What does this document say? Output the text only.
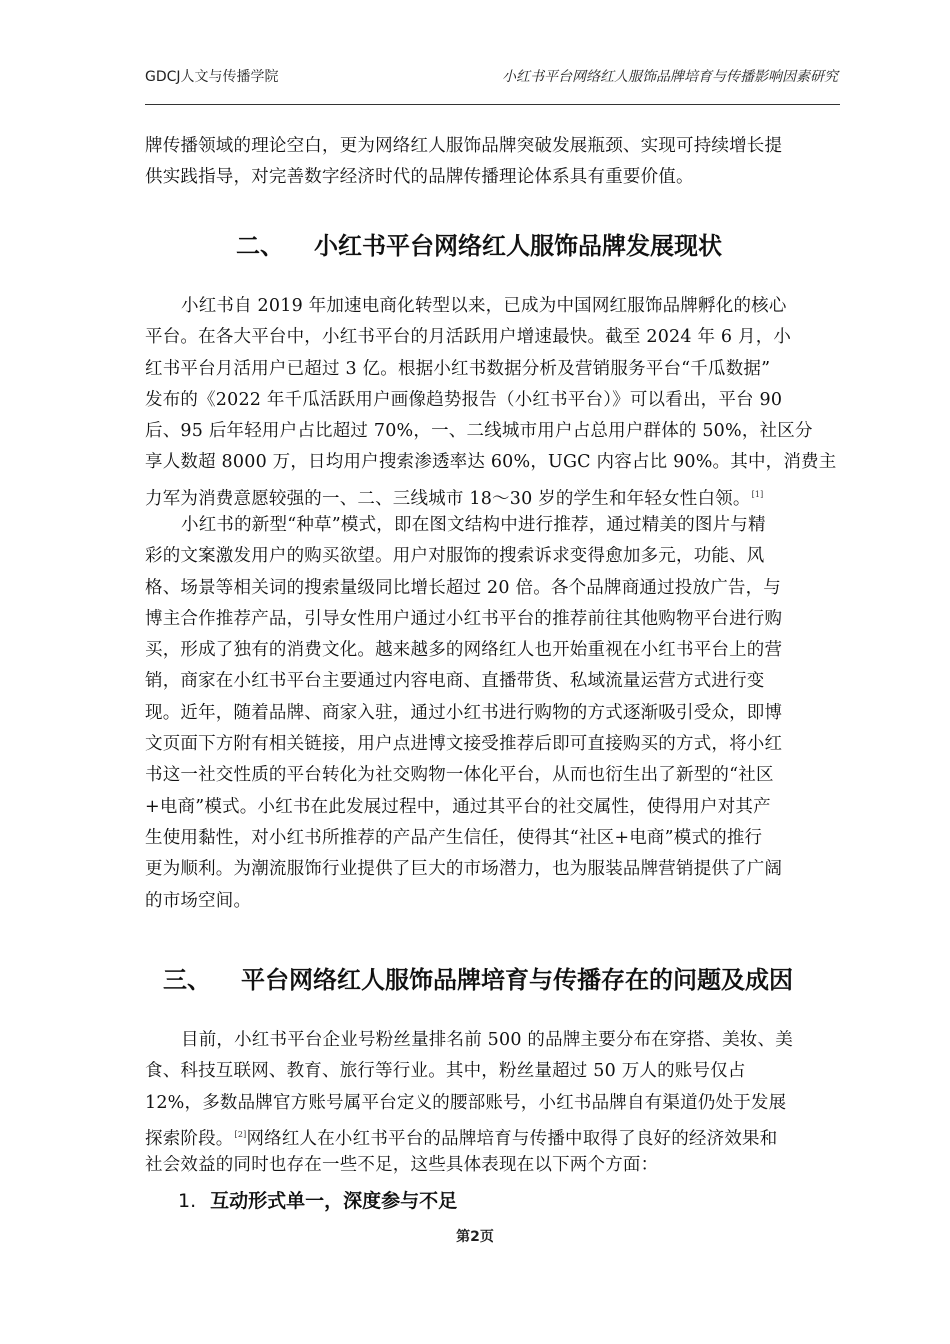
GDCJ人文与传播学院	小红书平台网络红人服饰品牌培育与传播影响因素研究
牌传播领域的理论空白，更为网络红人服饰品牌突破发展瓶颈、实现可持续增长提
供实践指导，对完善数字经济时代的品牌传播理论体系具有重要价值。
二、 小红书平台网络红人服饰品牌发展现状
小红书自 2019 年加速电商化转型以来，已成为中国网红服饰品牌孵化的核心
平台。在各大平台中，小红书平台的月活跃用户增速最快。截至 2024 年 6 月，小
红书平台月活用户已超过 3 亿。根据小红书数据分析及营销服务平台“千瓜数据”
发布的《2022 年千瓜活跃用户画像趋势报告（小红书平台）》可以看出，平台 90
后、95 后年轻用户占比超过 70%，一、二线城市用户占总用户群体的 50%，社区分
享人数超 8000 万，日均用户搜索渗透率达 60%，UGC 内容占比 90%。其中，消费主
力军为消费意愿较强的一、二、三线城市 18～30 岁的学生和年轻女性白领。[1]
小红书的新型“种草”模式，即在图文结构中进行推荐，通过精美的图片与精
彩的文案激发用户的购买欲望。用户对服饰的搜索诉求变得愈加多元，功能、风
格、场景等相关词的搜索量级同比增长超过 20 倍。各个品牌商通过投放广告，与
博主合作推荐产品，引导女性用户通过小红书平台的推荐前往其他购物平台进行购
买，形成了独有的消费文化。越来越多的网络红人也开始重视在小红书平台上的营
销，商家在小红书平台主要通过内容电商、直播带货、私域流量运营方式进行变
现。近年，随着品牌、商家入驻，通过小红书进行购物的方式逐渐吸引受众，即博
文页面下方附有相关链接，用户点进博文接受推荐后即可直接购买的方式，将小红
书这一社交性质的平台转化为社交购物一体化平台，从而也衍生出了新型的“社区
+电商”模式。小红书在此发展过程中，通过其平台的社交属性，使得用户对其产
生使用黏性，对小红书所推荐的产品产生信任，使得其“社区+电商”模式的推行
更为顺利。为潮流服饰行业提供了巨大的市场潜力，也为服装品牌营销提供了广阔
的市场空间。
三、 平台网络红人服饰品牌培育与传播存在的问题及成因
目前，小红书平台企业号粉丝量排名前 500 的品牌主要分布在穿搭、美妆、美
食、科技互联网、教育、旅行等行业。其中，粉丝量超过 50 万人的账号仅占
12%，多数品牌官方账号属平台定义的腰部账号，小红书品牌自有渠道仍处于发展
探索阶段。[2]网络红人在小红书平台的品牌培育与传播中取得了良好的经济效果和
社会效益的同时也存在一些不足，这些具体表现在以下两个方面：
1. 互动形式单一，深度参与不足
第2页
